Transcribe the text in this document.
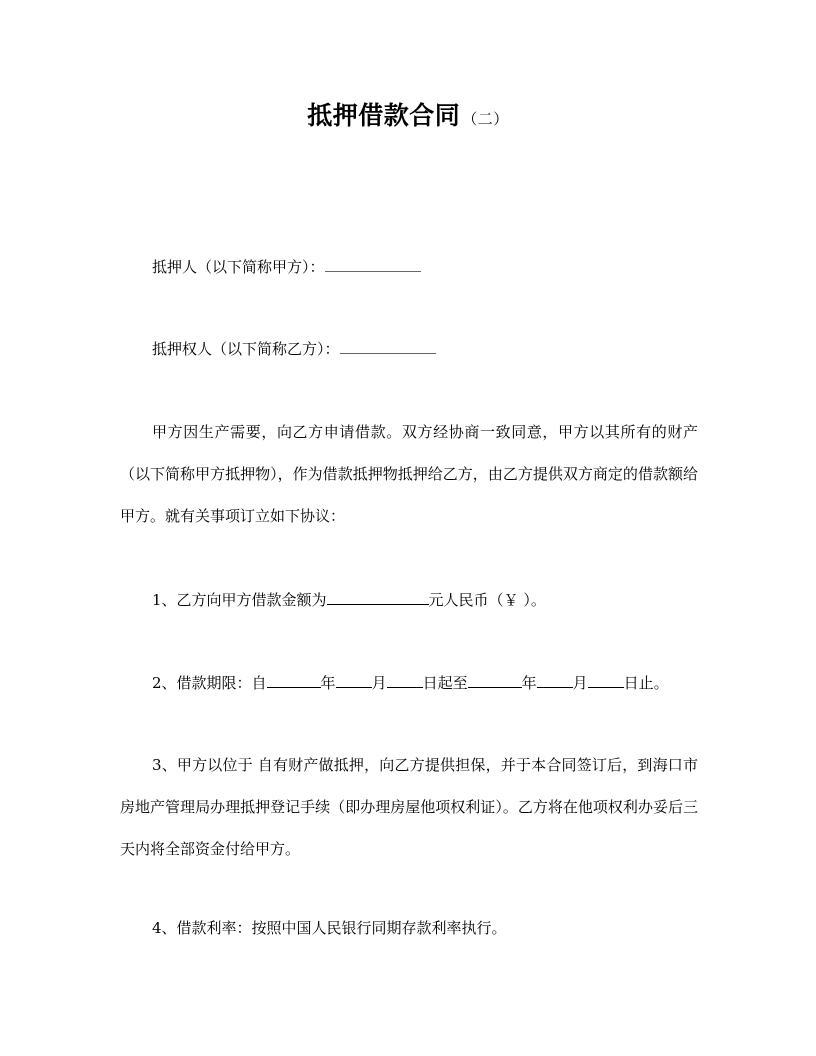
抵押借款合同 （二）
抵押人（以下简称甲方）：
抵押权人（以下简称乙方）：
甲方因生产需要，向乙方申请借款。双方经协商一致同意，甲方以其所有的财产 （以下简称甲方抵押物），作为借款抵押物抵押给乙方，由乙方提供双方商定的借款额给甲方。就有关事项订立如下协议：
1、乙方向甲方借款金额为	元人民币（￥ ）。
2、借款期限：自	年 月 日起至	年 月 日止。
3、甲方以位于 自有财产做抵押，向乙方提供担保，并于本合同签订后，到海口市房地产管理局办理抵押登记手续（即办理房屋他项权利证）。乙方将在他项权利办妥后三天内将全部资金付给甲方。
4、借款利率：按照中国人民银行同期存款利率执行。
